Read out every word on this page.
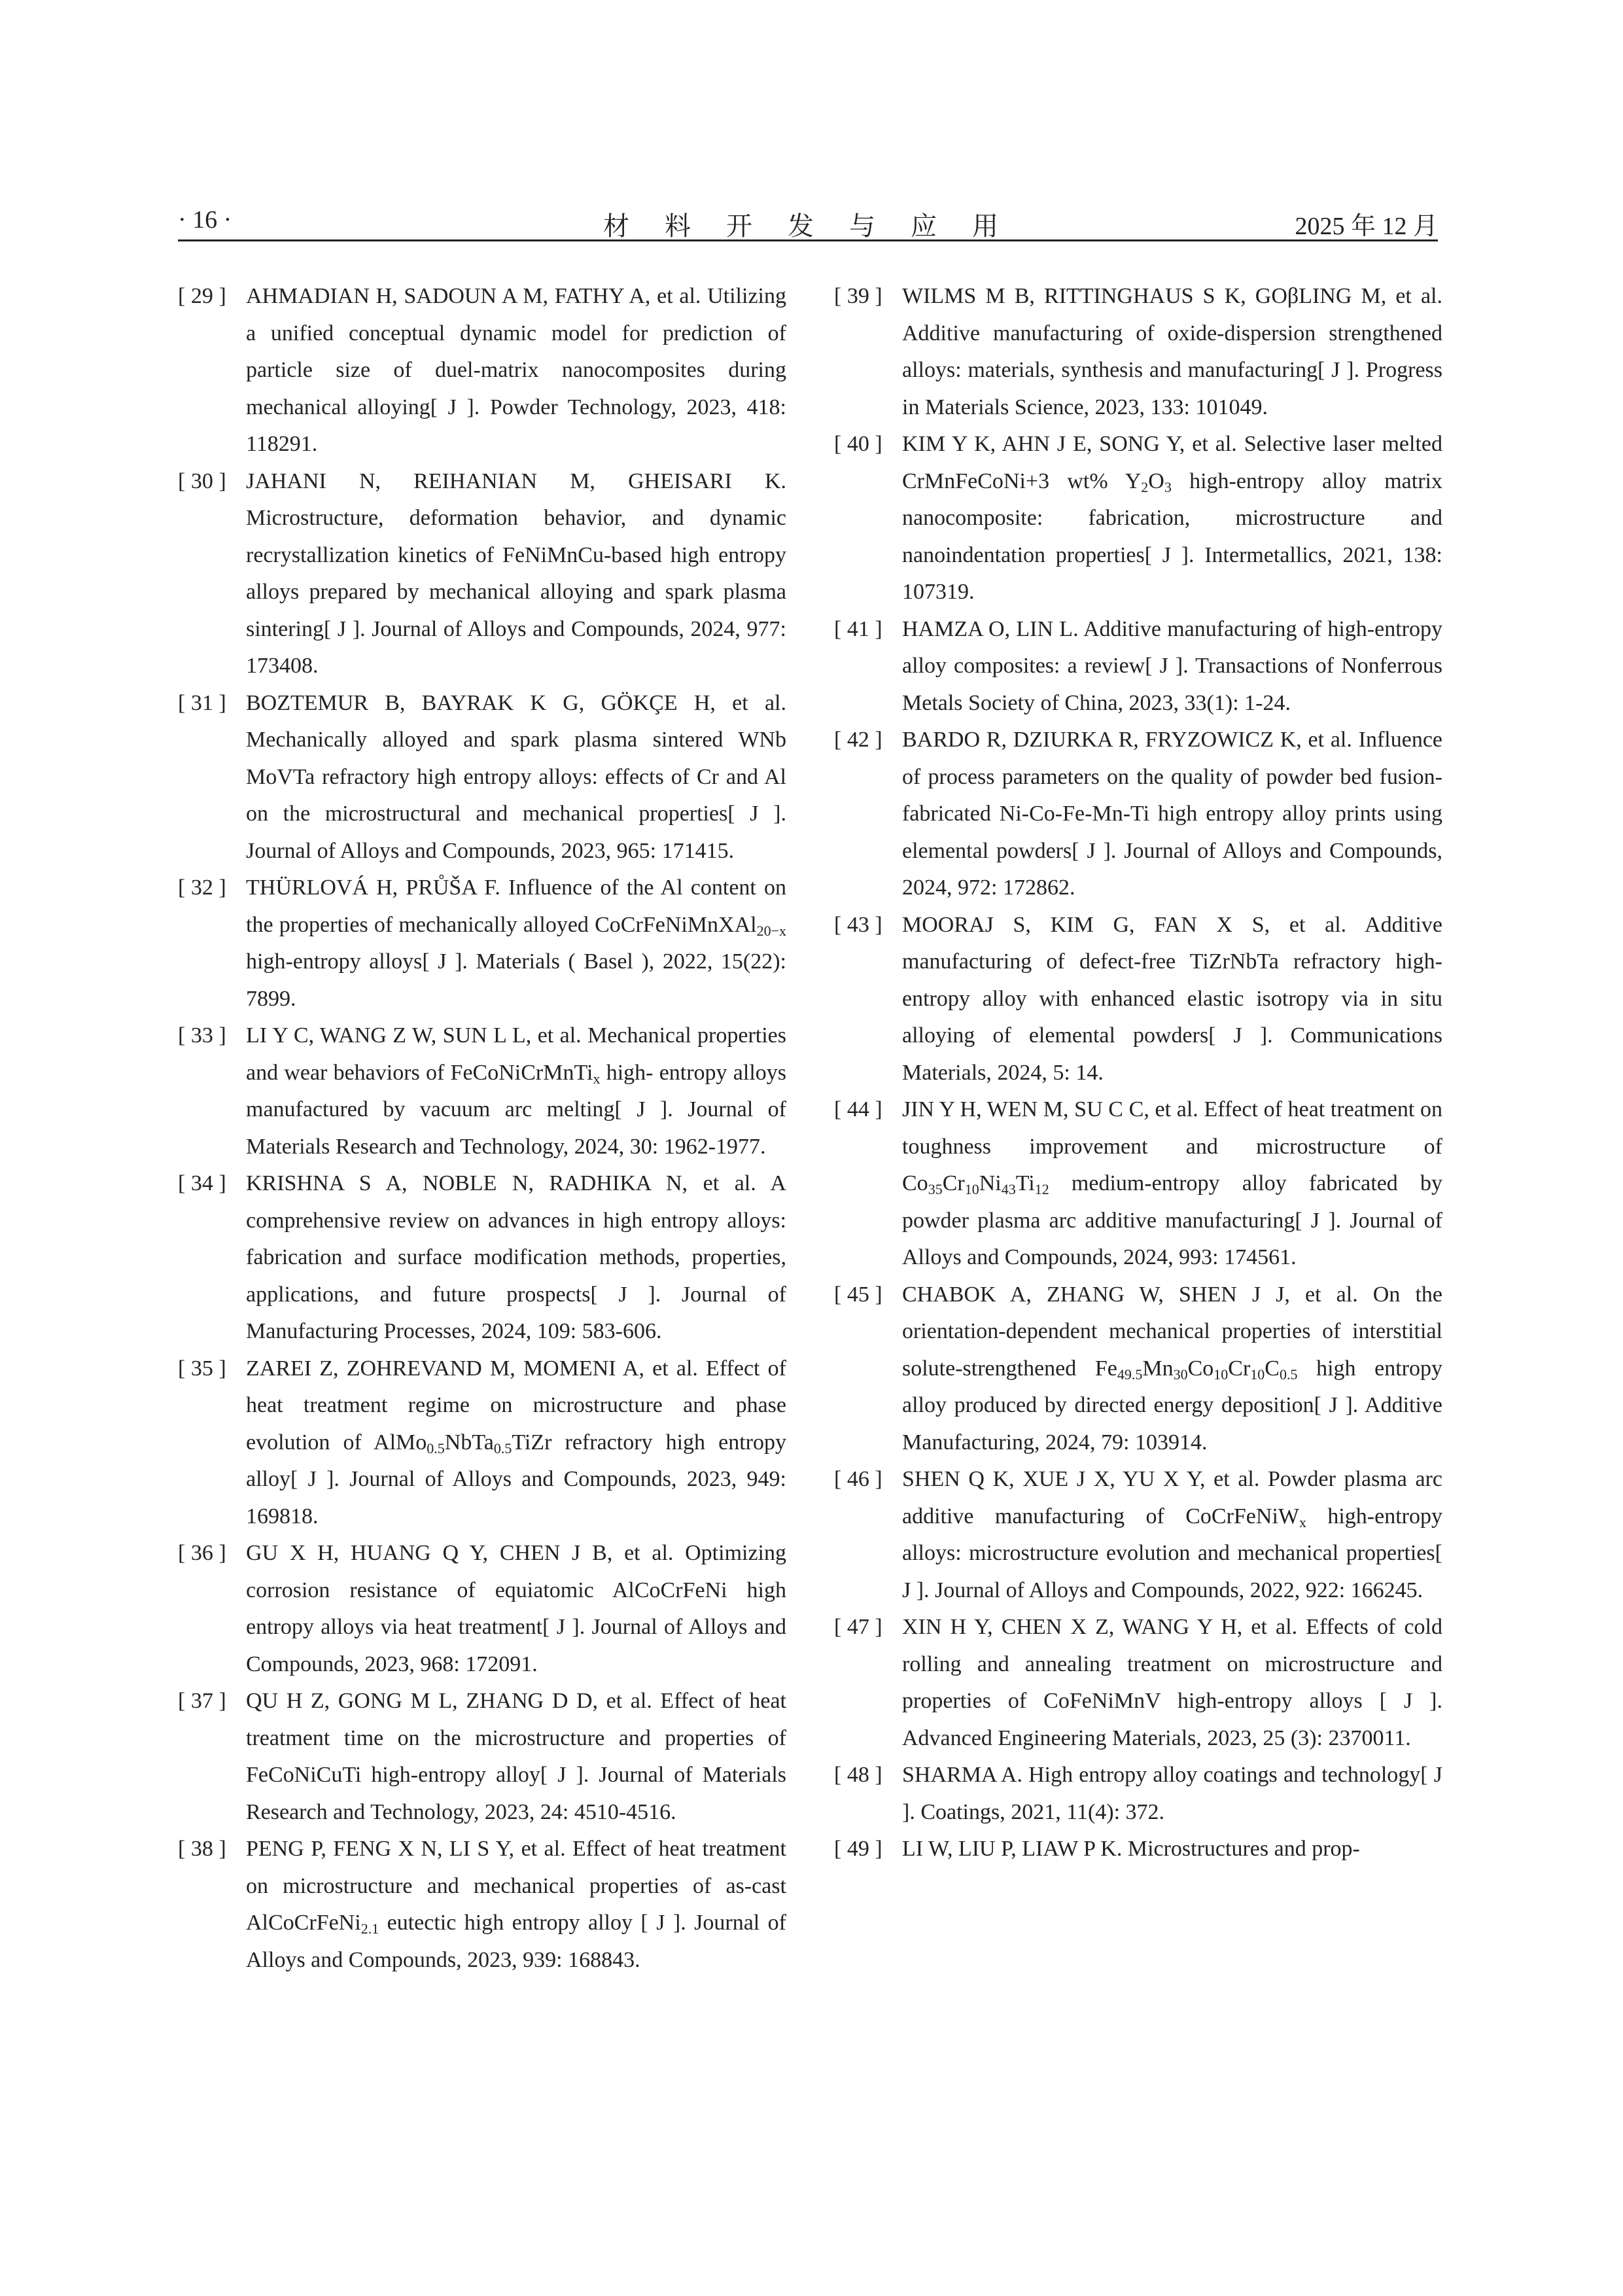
· 16 ·	材 料 开 发 与 应 用	2025 年 12 月
[ 29 ] AHMADIAN H, SADOUN A M, FATHY A, et al. Utilizing a unified conceptual dynamic model for prediction of particle size of duel-matrix nanocomposites during mechanical alloying[ J ]. Powder Technology, 2023, 418: 118291.
[ 30 ] JAHANI N, REIHANIAN M, GHEISARI K. Microstructure, deformation behavior, and dynamic recrystallization kinetics of FeNiMnCu-based high entropy alloys prepared by mechanical alloying and spark plasma sintering[ J ]. Journal of Alloys and Compounds, 2024, 977: 173408.
[ 31 ] BOZTEMUR B, BAYRAK K G, GÖKÇE H, et al. Mechanically alloyed and spark plasma sintered WNb MoVTa refractory high entropy alloys: effects of Cr and Al on the microstructural and mechanical properties[ J ]. Journal of Alloys and Compounds, 2023, 965: 171415.
[ 32 ] THÜRLOVÁ H, PRŮŠA F. Influence of the Al content on the properties of mechanically alloyed CoCrFeNiMnXAl$_{20-x}$ high-entropy alloys[ J ]. Materials ( Basel ), 2022, 15(22): 7899.
[ 33 ] LI Y C, WANG Z W, SUN L L, et al. Mechanical properties and wear behaviors of FeCoNiCrMnTi$_x$ high- entropy alloys manufactured by vacuum arc melting[ J ]. Journal of Materials Research and Technology, 2024, 30: 1962-1977.
[ 34 ] KRISHNA S A, NOBLE N, RADHIKA N, et al. A comprehensive review on advances in high entropy alloys: fabrication and surface modification methods, properties, applications, and future prospects[ J ]. Journal of Manufacturing Processes, 2024, 109: 583-606.
[ 35 ] ZAREI Z, ZOHREVAND M, MOMENI A, et al. Effect of heat treatment regime on microstructure and phase evolution of AlMo$_{0.5}$NbTa$_{0.5}$TiZr refractory high entropy alloy[ J ]. Journal of Alloys and Compounds, 2023, 949: 169818.
[ 36 ] GU X H, HUANG Q Y, CHEN J B, et al. Optimizing corrosion resistance of equiatomic AlCoCrFeNi high entropy alloys via heat treatment[ J ]. Journal of Alloys and Compounds, 2023, 968: 172091.
[ 37 ] QU H Z, GONG M L, ZHANG D D, et al. Effect of heat treatment time on the microstructure and properties of FeCoNiCuTi high-entropy alloy[ J ]. Journal of Materials Research and Technology, 2023, 24: 4510-4516.
[ 38 ] PENG P, FENG X N, LI S Y, et al. Effect of heat treatment on microstructure and mechanical properties of as-cast AlCoCrFeNi$_{2.1}$ eutectic high entropy alloy [ J ]. Journal of Alloys and Compounds, 2023, 939: 168843.
[ 39 ] WILMS M B, RITTINGHAUS S K, GOβLING M, et al. Additive manufacturing of oxide-dispersion strengthened alloys: materials, synthesis and manufacturing[ J ]. Progress in Materials Science, 2023, 133: 101049.
[ 40 ] KIM Y K, AHN J E, SONG Y, et al. Selective laser melted CrMnFeCoNi+3 wt% $Y_2O_3$ high-entropy alloy matrix nanocomposite: fabrication, microstructure and nanoindentation properties[ J ]. Intermetallics, 2021, 138: 107319.
[ 41 ] HAMZA O, LIN L. Additive manufacturing of high-entropy alloy composites: a review[ J ]. Transactions of Nonferrous Metals Society of China, 2023, 33(1): 1-24.
[ 42 ] BARDO R, DZIURKA R, FRYZOWICZ K, et al. Influence of process parameters on the quality of powder bed fusion-fabricated Ni-Co-Fe-Mn-Ti high entropy alloy prints using elemental powders[ J ]. Journal of Alloys and Compounds, 2024, 972: 172862.
[ 43 ] MOORAJ S, KIM G, FAN X S, et al. Additive manufacturing of defect-free TiZrNbTa refractory high-entropy alloy with enhanced elastic isotropy via in situ alloying of elemental powders[ J ]. Communications Materials, 2024, 5: 14.
[ 44 ] JIN Y H, WEN M, SU C C, et al. Effect of heat treatment on toughness improvement and microstructure of $Co_{35}Cr_{10}Ni_{43}Ti_{12}$ medium-entropy alloy fabricated by powder plasma arc additive manufacturing[ J ]. Journal of Alloys and Compounds, 2024, 993: 174561.
[ 45 ] CHABOK A, ZHANG W, SHEN J J, et al. On the orientation-dependent mechanical properties of interstitial solute-strengthened $Fe_{49.5}Mn_{30}Co_{10}Cr_{10}C_{0.5}$ high entropy alloy produced by directed energy deposition[ J ]. Additive Manufacturing, 2024, 79: 103914.
[ 46 ] SHEN Q K, XUE J X, YU X Y, et al. Powder plasma arc additive manufacturing of CoCrFeNiW$_x$ high-entropy alloys: microstructure evolution and mechanical properties[ J ]. Journal of Alloys and Compounds, 2022, 922: 166245.
[ 47 ] XIN H Y, CHEN X Z, WANG Y H, et al. Effects of cold rolling and annealing treatment on microstructure and properties of CoFeNiMnV high-entropy alloys [ J ]. Advanced Engineering Materials, 2023, 25 (3): 2370011.
[ 48 ] SHARMA A. High entropy alloy coatings and technology[ J ]. Coatings, 2021, 11(4): 372.
[ 49 ] LI W, LIU P, LIAW P K. Microstructures and prop-
